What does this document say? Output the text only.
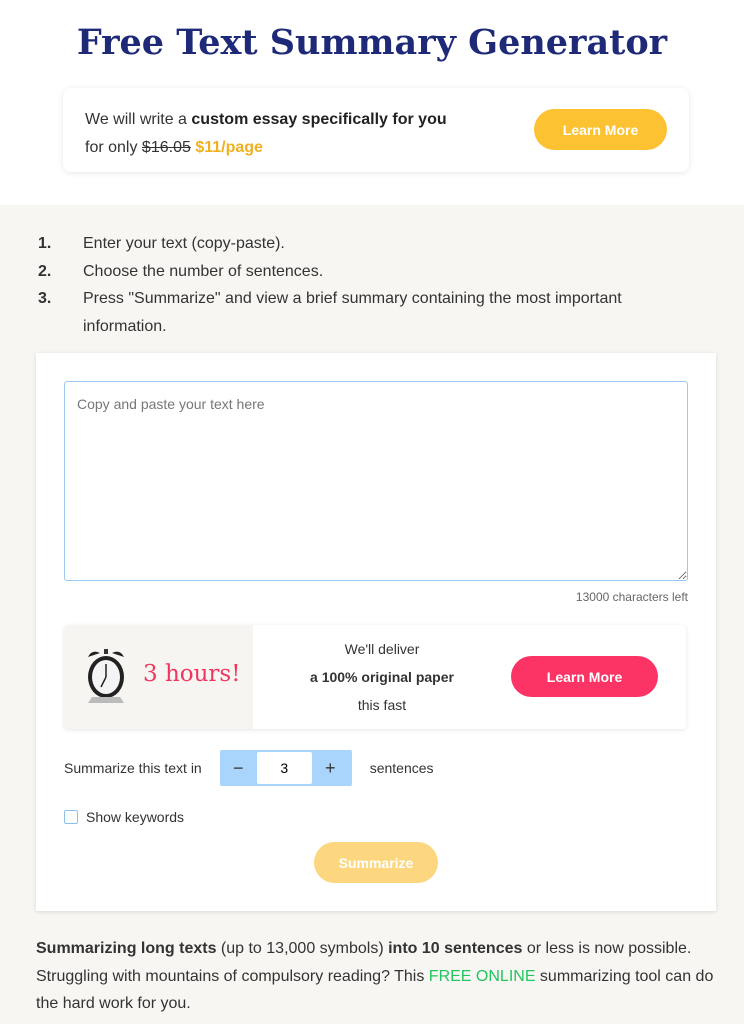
Free Text Summary Generator
We will write a custom essay specifically for you
for only $16.05 $11/page
Learn More
1.	Enter your text (copy-paste).
2.	Choose the number of sentences.
3.	Press "Summarize" and view a brief summary containing the most important information.
Copy and paste your text here
13000 characters left
3 hours!
We'll deliver
a 100% original paper
this fast
Learn More
Summarize this text in	−
3	+	sentences
Show keywords
Summarize

Summarizing long texts (up to 13,000 symbols) into 10 sentences or less is now possible. Struggling with mountains of compulsory reading? This FREE ONLINE summarizing tool can do the hard work for you.
